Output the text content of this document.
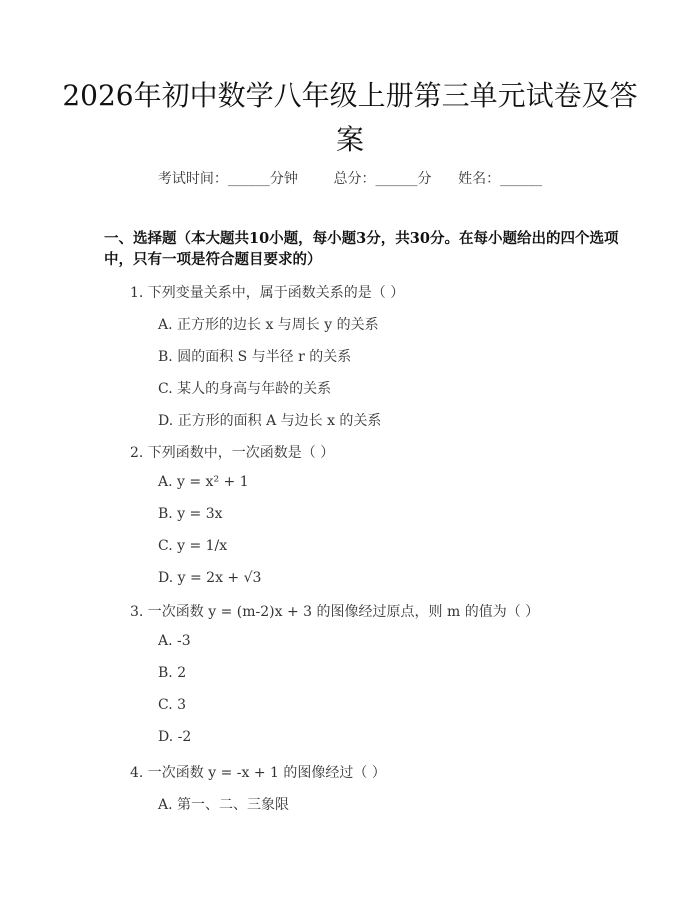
2026年初中数学八年级上册第三单元试卷及答案
考试时间：______分钟	总分：______分 姓名：______
一、选择题（本大题共10小题，每小题3分，共30分。在每小题给出的四个选项中，只有一项是符合题目要求的）
1. 下列变量关系中，属于函数关系的是（ ）
A. 正方形的边长 x 与周长 y 的关系
B. 圆的面积 S 与半径 r 的关系
C. 某人的身高与年龄的关系
D. 正方形的面积 A 与边长 x 的关系
2. 下列函数中，一次函数是（ ）
A. y = x² + 1
B. y = 3x
C. y = 1/x
D. y = 2x + √3
3. 一次函数 y = (m-2)x + 3 的图像经过原点，则 m 的值为（ ）
A. -3
B. 2
C. 3
D. -2
4. 一次函数 y = -x + 1 的图像经过（ ）
A. 第一、二、三象限
